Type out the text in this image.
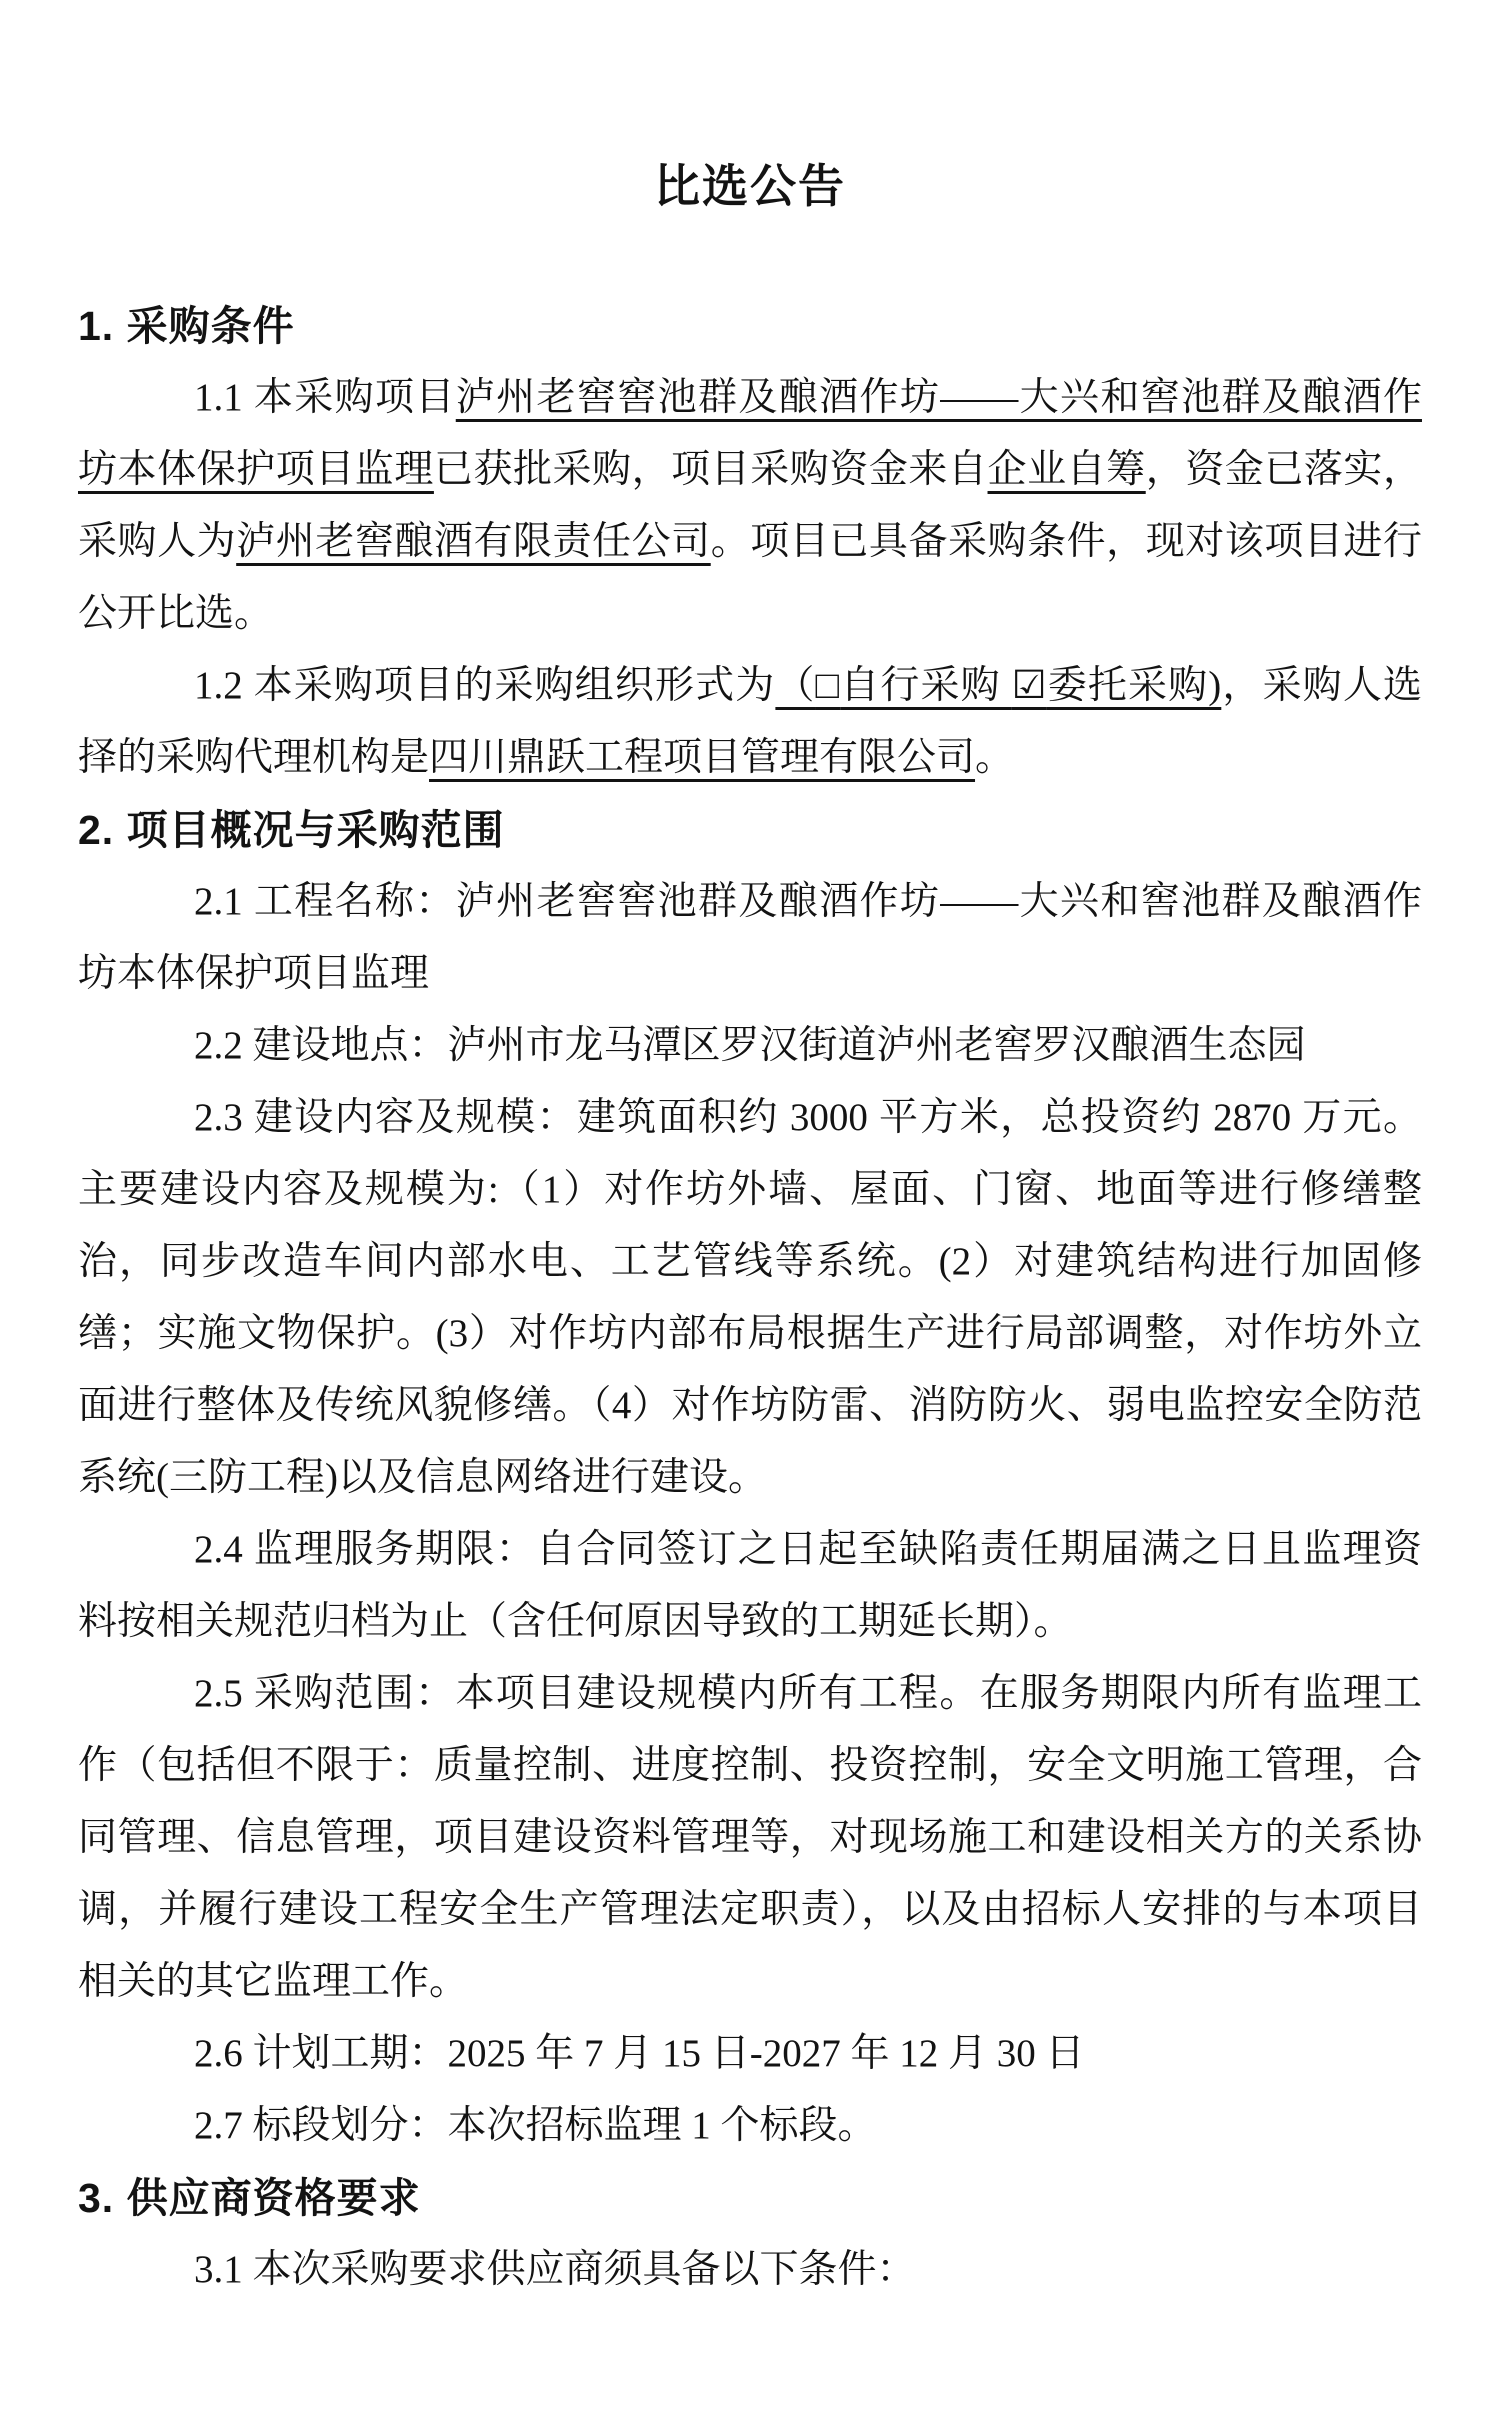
比选公告

1. 采购条件

1.1 本采购项目泸州老窖窖池群及酿酒作坊——大兴和窖池群及酿酒作坊本体保护项目监理已获批采购，项目采购资金来自企业自筹，资金已落实，采购人为泸州老窖酿酒有限责任公司。项目已具备采购条件，现对该项目进行公开比选。

1.2 本采购项目的采购组织形式为（□自行采购 ☑委托采购)，采购人选择的采购代理机构是四川鼎跃工程项目管理有限公司。

2. 项目概况与采购范围

2.1 工程名称：泸州老窖窖池群及酿酒作坊——大兴和窖池群及酿酒作坊本体保护项目监理

2.2 建设地点：泸州市龙马潭区罗汉街道泸州老窖罗汉酿酒生态园

2.3 建设内容及规模：建筑面积约 3000 平方米，总投资约 2870 万元。主要建设内容及规模为:（1）对作坊外墙、屋面、门窗、地面等进行修缮整治，同步改造车间内部水电、工艺管线等系统。(2）对建筑结构进行加固修缮；实施文物保护。(3）对作坊内部布局根据生产进行局部调整，对作坊外立面进行整体及传统风貌修缮。（4）对作坊防雷、消防防火、弱电监控安全防范系统(三防工程)以及信息网络进行建设。

2.4 监理服务期限：自合同签订之日起至缺陷责任期届满之日且监理资料按相关规范归档为止（含任何原因导致的工期延长期）。

2.5 采购范围：本项目建设规模内所有工程。在服务期限内所有监理工作（包括但不限于：质量控制、进度控制、投资控制，安全文明施工管理，合同管理、信息管理，项目建设资料管理等，对现场施工和建设相关方的关系协调，并履行建设工程安全生产管理法定职责），以及由招标人安排的与本项目相关的其它监理工作。

2.6 计划工期：2025 年 7 月 15 日-2027 年 12 月 30 日

2.7 标段划分：本次招标监理 1 个标段。

3. 供应商资格要求

3.1 本次采购要求供应商须具备以下条件：
